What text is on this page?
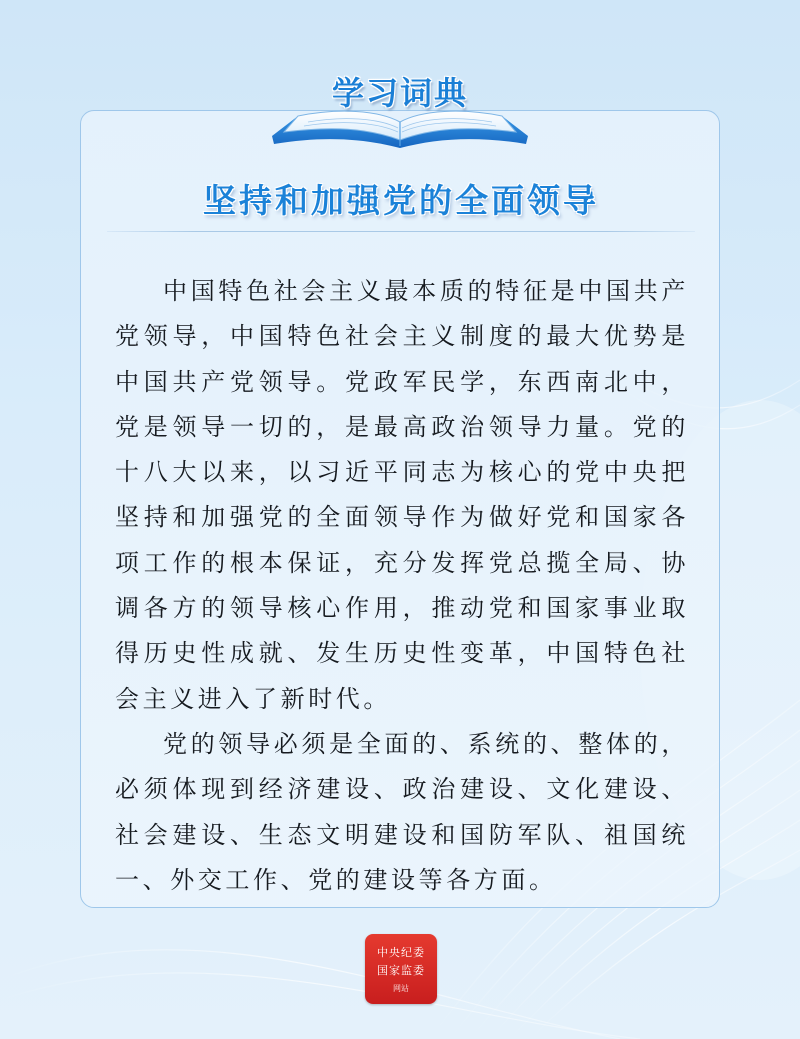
坚持和加强党的全面领导

中国特色社会主义最本质的特征是中国共产党领导，中国特色社会主义制度的最大优势是中国共产党领导。党政军民学，东西南北中，党是领导一切的，是最高政治领导力量。党的十八大以来，以习近平同志为核心的党中央把坚持和加强党的全面领导作为做好党和国家各项工作的根本保证，充分发挥党总揽全局、协调各方的领导核心作用，推动党和国家事业取得历史性成就、发生历史性变革，中国特色社会主义进入了新时代。

党的领导必须是全面的、系统的、整体的，必须体现到经济建设、政治建设、文化建设、社会建设、生态文明建设和国防军队、祖国统一、外交工作、党的建设等各方面。

学习词典
中央纪委
国家监委
网站
